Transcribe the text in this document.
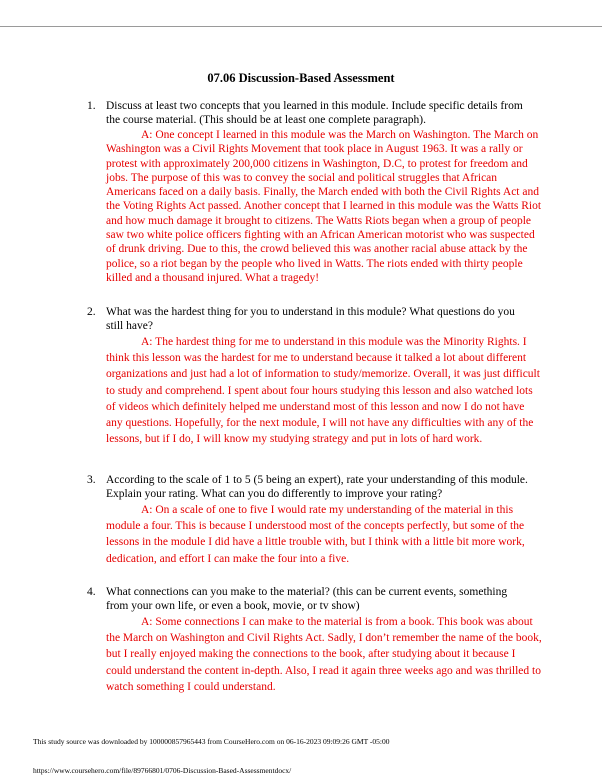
07.06 Discussion-Based Assessment
1. Discuss at least two concepts that you learned in this module. Include specific details from the course material. (This should be at least one complete paragraph).
A: One concept I learned in this module was the March on Washington. The March on Washington was a Civil Rights Movement that took place in August 1963. It was a rally or protest with approximately 200,000 citizens in Washington, D.C, to protest for freedom and jobs. The purpose of this was to convey the social and political struggles that African Americans faced on a daily basis. Finally, the March ended with both the Civil Rights Act and the Voting Rights Act passed. Another concept that I learned in this module was the Watts Riot and how much damage it brought to citizens. The Watts Riots began when a group of people saw two white police officers fighting with an African American motorist who was suspected of drunk driving. Due to this, the crowd believed this was another racial abuse attack by the police, so a riot began by the people who lived in Watts. The riots ended with thirty people killed and a thousand injured. What a tragedy!
2. What was the hardest thing for you to understand in this module? What questions do you still have?
A: The hardest thing for me to understand in this module was the Minority Rights. I think this lesson was the hardest for me to understand because it talked a lot about different organizations and just had a lot of information to study/memorize. Overall, it was just difficult to study and comprehend. I spent about four hours studying this lesson and also watched lots of videos which definitely helped me understand most of this lesson and now I do not have any questions. Hopefully, for the next module, I will not have any difficulties with any of the lessons, but if I do, I will know my studying strategy and put in lots of hard work.
3. According to the scale of 1 to 5 (5 being an expert), rate your understanding of this module. Explain your rating. What can you do differently to improve your rating?
A: On a scale of one to five I would rate my understanding of the material in this module a four. This is because I understood most of the concepts perfectly, but some of the lessons in the module I did have a little trouble with, but I think with a little bit more work, dedication, and effort I can make the four into a five.
4. What connections can you make to the material? (this can be current events, something from your own life, or even a book, movie, or tv show)
A: Some connections I can make to the material is from a book. This book was about the March on Washington and Civil Rights Act. Sadly, I don’t remember the name of the book, but I really enjoyed making the connections to the book, after studying about it because I could understand the content in-depth. Also, I read it again three weeks ago and was thrilled to watch something I could understand.
This study source was downloaded by 100000857965443 from CourseHero.com on 06-16-2023 09:09:26 GMT -05:00
https://www.coursehero.com/file/89766801/0706-Discussion-Based-Assessmentdocx/
